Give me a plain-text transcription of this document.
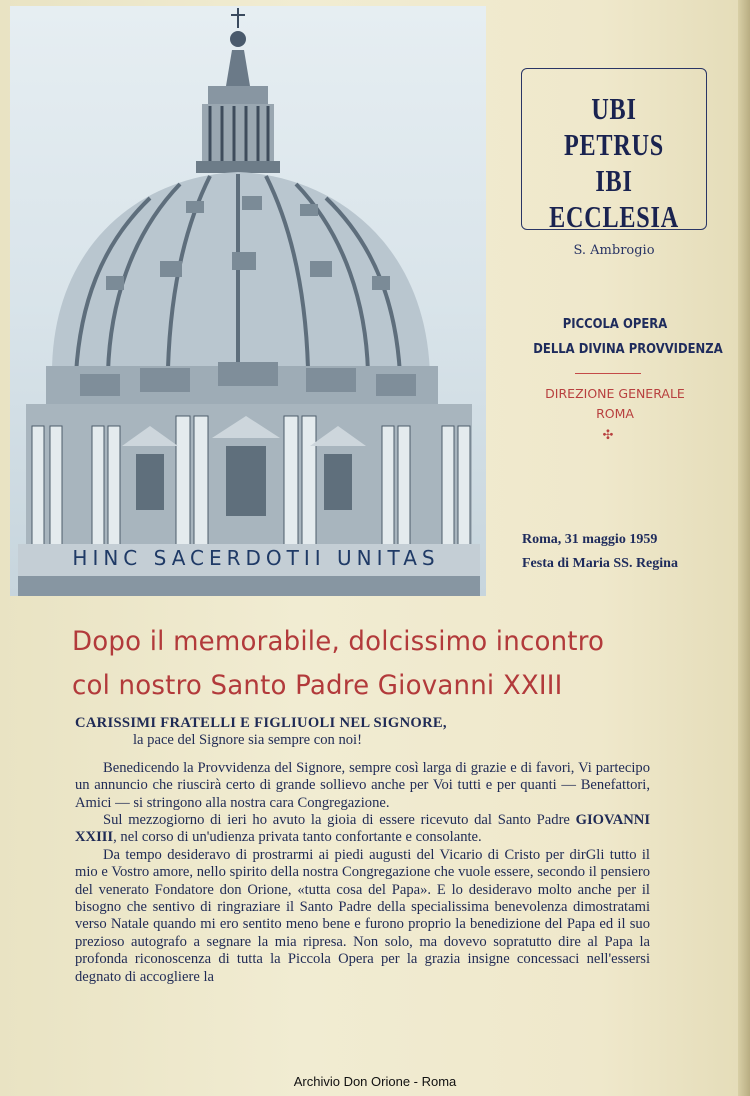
HINC SACERDOTII UNITAS
UBI PETRUS
IBI ECCLESIA
S. Ambrogio
PICCOLA OPERA
DELLA DIVINA PROVVIDENZA
DIREZIONE GENERALE
ROMA
✣
Roma, 31 maggio 1959
Festa di Maria SS. Regina
Dopo il memorabile, dolcissimo incontro
col nostro Santo Padre Giovanni XXIII
CARISSIMI FRATELLI E FIGLIUOLI NEL SIGNORE,
la pace del Signore sia sempre con noi!

Benedicendo la Provvidenza del Signore, sempre così larga di grazie e di favori, Vi partecipo un annuncio che riuscirà certo di grande sollievo anche per Voi tutti e per quanti — Benefattori, Amici — si stringono alla nostra cara Congregazione.

Sul mezzogiorno di ieri ho avuto la gioia di essere ricevuto dal Santo Padre GIOVANNI XXIII, nel corso di un'udienza privata tanto confortante e consolante.

Da tempo desideravo di prostrarmi ai piedi augusti del Vicario di Cristo per dirGli tutto il mio e Vostro amore, nello spirito della nostra Congregazione che vuole essere, secondo il pensiero del venerato Fondatore don Orione, «tutta cosa del Papa». E lo desideravo molto anche per il bisogno che sentivo di ringraziare il Santo Padre della specialissima benevolenza dimostratami verso Natale quando mi ero sentito meno bene e furono proprio la benedizione del Papa ed il suo prezioso autografo a segnare la mia ripresa. Non solo, ma dovevo sopratutto dire al Papa la profonda riconoscenza di tutta la Piccola Opera per la grazia insigne concessaci nell'essersi degnato di accogliere la

Archivio Don Orione - Roma
